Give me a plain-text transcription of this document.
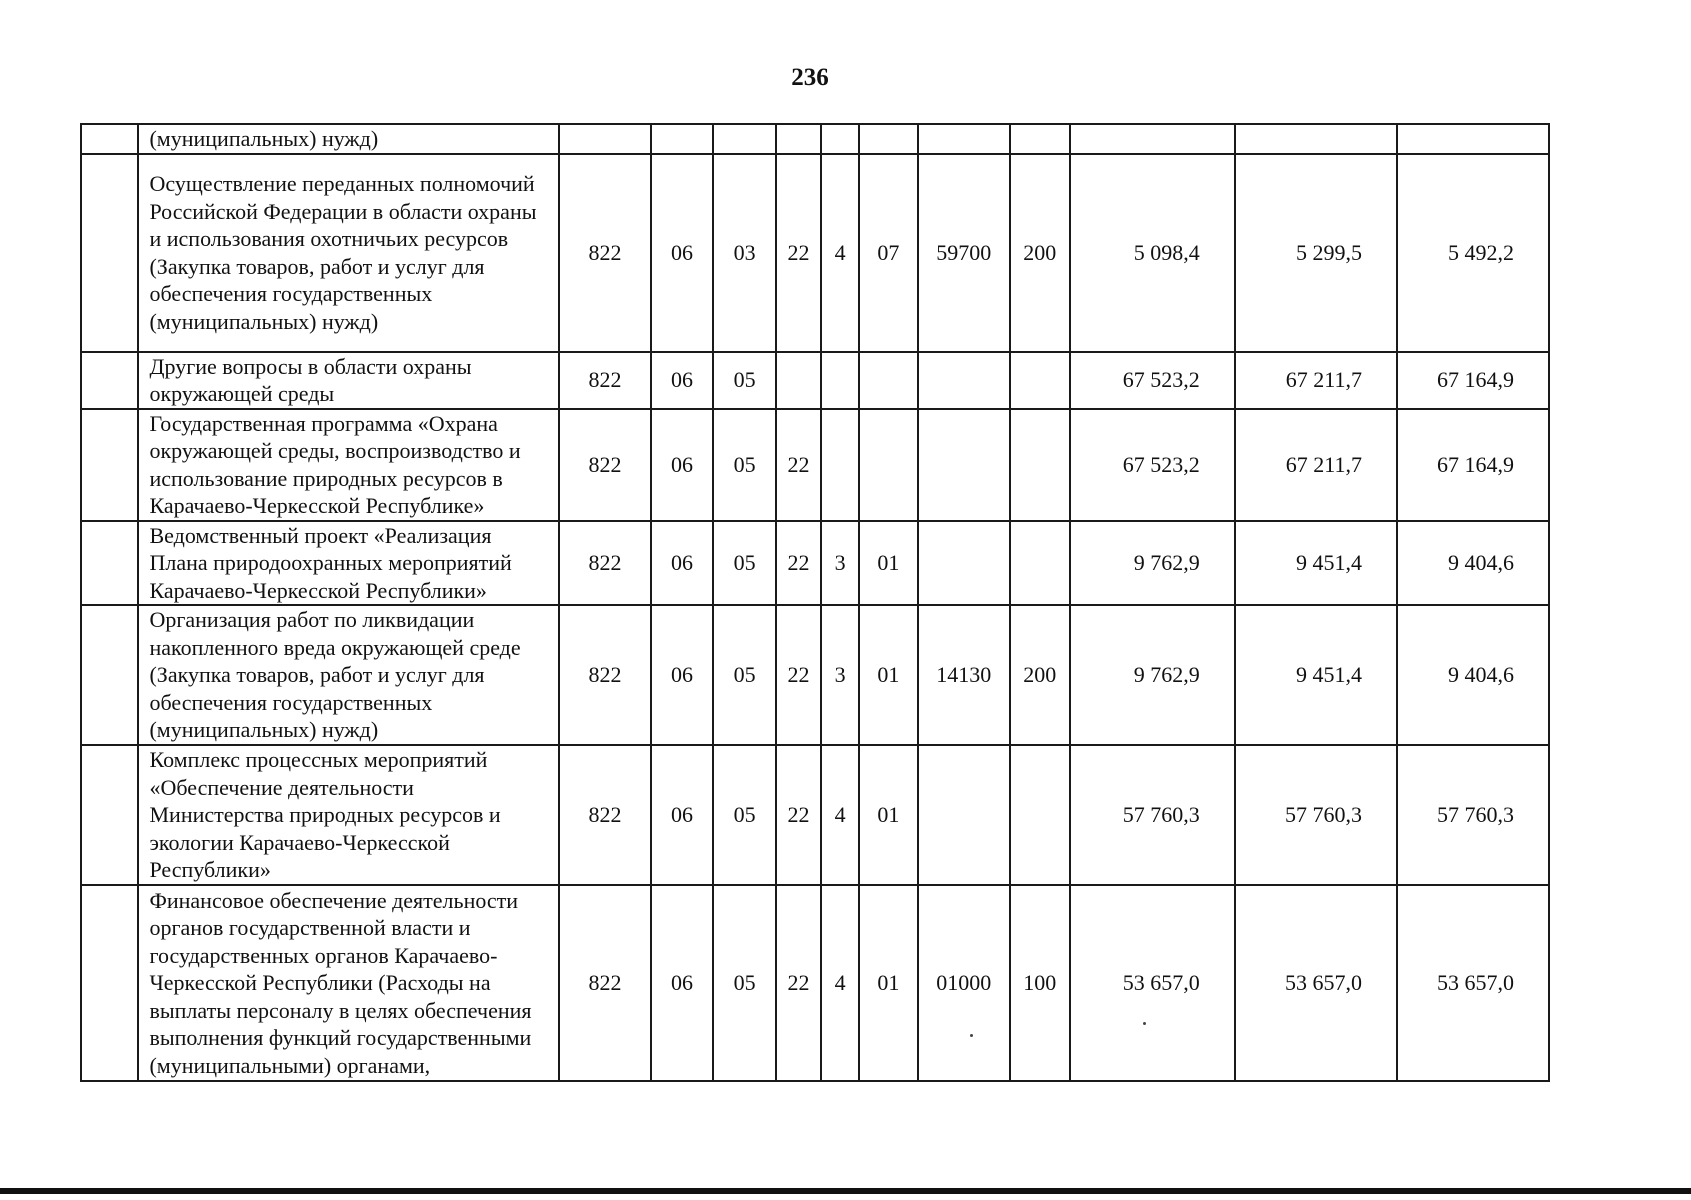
236
	(муниципальных) нужд)											
	Осуществление переданных полномочий Российской Федерации в области охраны и использования охотничьих ресурсов (Закупка товаров, работ и услуг для обеспечения государственных (муниципальных) нужд)	822	06	03	22	4	07	59700	200	5 098,4	5 299,5	5 492,2
	Другие вопросы в области охраны окружающей среды	822	06	05						67 523,2	67 211,7	67 164,9
	Государственная программа «Охрана окружающей среды, воспроизводство и использование природных ресурсов в Карачаево-Черкесской Республике»	822	06	05	22					67 523,2	67 211,7	67 164,9
	Ведомственный проект «Реализация Плана природоохранных мероприятий Карачаево-Черкесской Республики»	822	06	05	22	3	01			9 762,9	9 451,4	9 404,6
	Организация работ по ликвидации накопленного вреда окружающей среде (Закупка товаров, работ и услуг для обеспечения государственных (муниципальных) нужд)	822	06	05	22	3	01	14130	200	9 762,9	9 451,4	9 404,6
	Комплекс процессных мероприятий «Обеспечение деятельности Министерства природных ресурсов и экологии Карачаево-Черкесской Республики»	822	06	05	22	4	01			57 760,3	57 760,3	57 760,3
	Финансовое обеспечение деятельности органов государственной власти и государственных органов Карачаево-Черкесской Республики (Расходы на выплаты персоналу в целях обеспечения выполнения функций государственными (муниципальными) органами,	822	06	05	22	4	01	01000	100	53 657,0	53 657,0	53 657,0
